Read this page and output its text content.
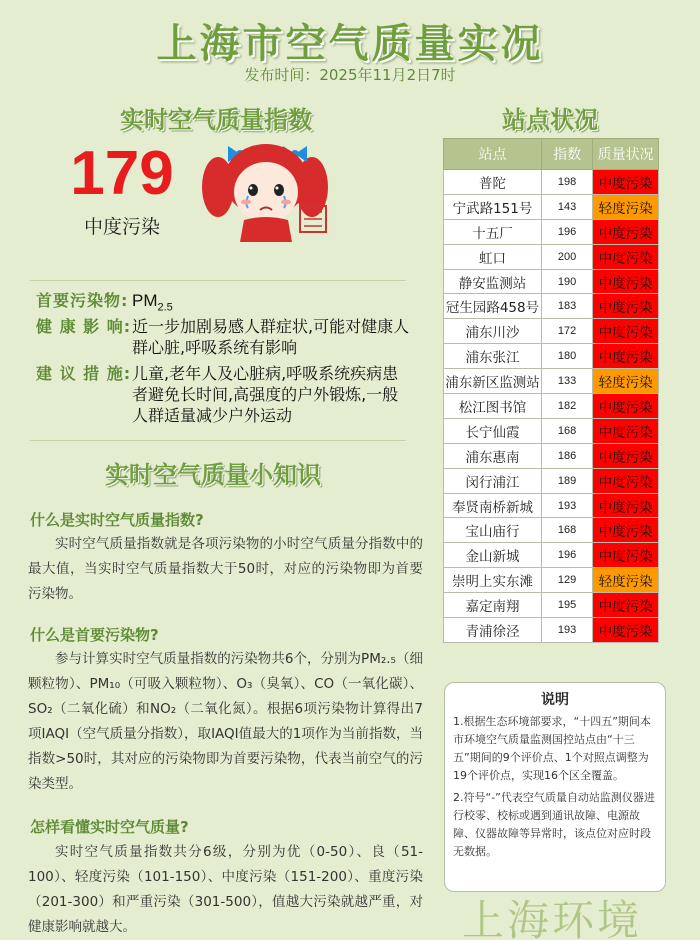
上海市空气质量实况
发布时间：2025年11月2日7时
实时空气质量指数
179
中度污染
首要污染物: $PM_{2.5}$
健 康 影 响: 近一步加剧易感人群症状,可能对健康人群心脏,呼吸系统有影响
建 议 措 施: 儿童,老年人及心脏病,呼吸系统疾病患者避免长时间,高强度的户外锻炼,一般人群适量减少户外运动
实时空气质量小知识
什么是实时空气质量指数?
实时空气质量指数就是各项污染物的小时空气质量分指数中的最大值，当实时空气质量指数大于50时，对应的污染物即为首要污染物。
什么是首要污染物?
参与计算实时空气质量指数的污染物共6个，分别为PM₂.₅（细颗粒物）、PM₁₀（可吸入颗粒物）、O₃（臭氧）、CO（一氧化碳）、SO₂（二氧化硫）和NO₂（二氧化氮）。根据6项污染物计算得出7项IAQI（空气质量分指数），取IAQI值最大的1项作为当前指数，当指数>50时，其对应的污染物即为首要污染物，代表当前空气的污染类型。
怎样看懂实时空气质量?
实时空气质量指数共分6级，分别为优（0-50）、良（51-100）、轻度污染（101-150）、中度污染（151-200）、重度污染（201-300）和严重污染（301-500），值越大污染就越严重，对健康影响就越大。
站点状况
站点	指数	质量状况
普陀	198	中度污染
宁武路151号	143	轻度污染
十五厂	196	中度污染
虹口	200	中度污染
静安监测站	190	中度污染
冠生园路458号	183	中度污染
浦东川沙	172	中度污染
浦东张江	180	中度污染
浦东新区监测站	133	轻度污染
松江图书馆	182	中度污染
长宁仙霞	168	中度污染
浦东惠南	186	中度污染
闵行浦江	189	中度污染
奉贤南桥新城	193	中度污染
宝山庙行	168	中度污染
金山新城	196	中度污染
崇明上实东滩	129	轻度污染
嘉定南翔	195	中度污染
青浦徐泾	193	中度污染
说明

1.根据生态环境部要求，“十四五”期间本市环境空气质量监测国控站点由“十三五”期间的9个评价点、1个对照点调整为19个评价点，实现16个区全覆盖。

2.符号“-”代表空气质量自动站监测仪器进行校零、校标或遇到通讯故障、电源故障、仪器故障等异常时，该点位对应时段无数据。

上海环境
